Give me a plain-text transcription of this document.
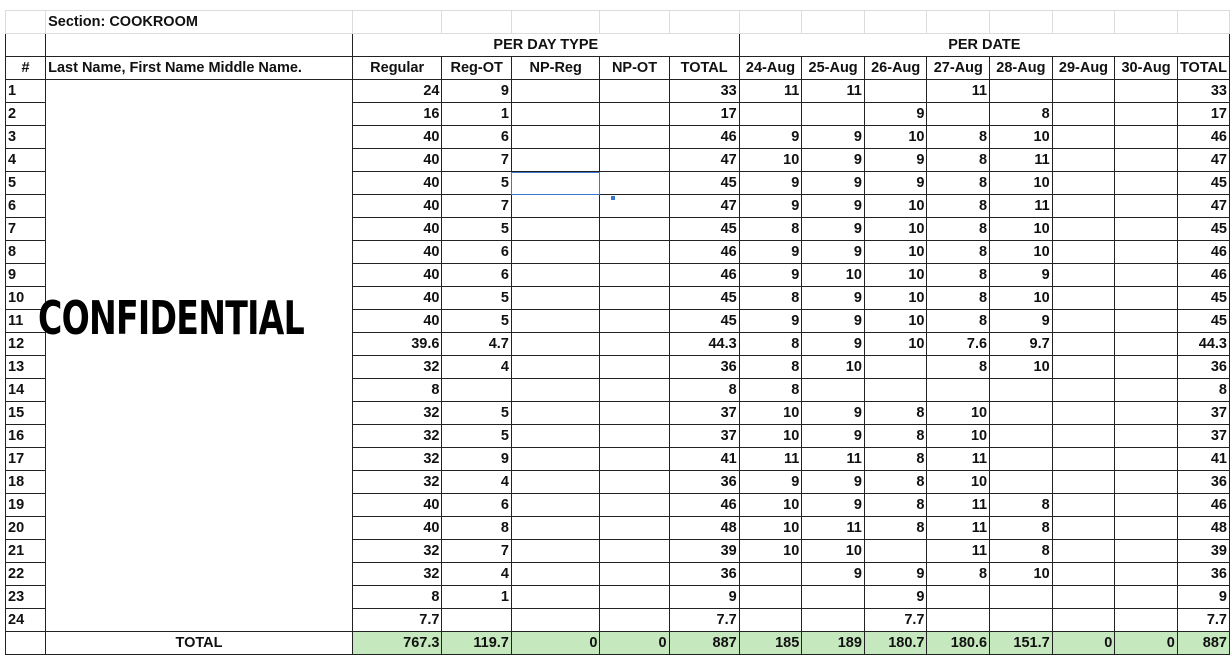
	Section: COOKROOM													
		PER DAY TYPE					PER DATE							
#	Last Name, First Name Middle Name.	Regular	Reg-OT	NP-Reg	NP-OT	TOTAL	24-Aug	25-Aug	26-Aug	27-Aug	28-Aug	29-Aug	30-Aug	TOTAL
1		24	9			33	11	11		11				33
2		16	1			17			9		8			17
3		40	6			46	9	9	10	8	10			46
4		40	7			47	10	9	9	8	11			47
5		40	5			45	9	9	9	8	10			45
6		40	7			47	9	9	10	8	11			47
7		40	5			45	8	9	10	8	10			45
8		40	6			46	9	9	10	8	10			46
9		40	6			46	9	10	10	8	9			46
10		40	5			45	8	9	10	8	10			45
11		40	5			45	9	9	10	8	9			45
12		39.6	4.7			44.3	8	9	10	7.6	9.7			44.3
13		32	4			36	8	10		8	10			36
14		8				8	8							8
15		32	5			37	10	9	8	10				37
16		32	5			37	10	9	8	10				37
17		32	9			41	11	11	8	11				41
18		32	4			36	9	9	8	10				36
19		40	6			46	10	9	8	11	8			46
20		40	8			48	10	11	8	11	8			48
21		32	7			39	10	10		11	8			39
22		32	4			36		9	9	8	10			36
23		8	1			9			9					9
24		7.7				7.7			7.7					7.7
	TOTAL	767.3	119.7	0	0	887	185	189	180.7	180.6	151.7	0	0	887
CONFIDENTIAL
